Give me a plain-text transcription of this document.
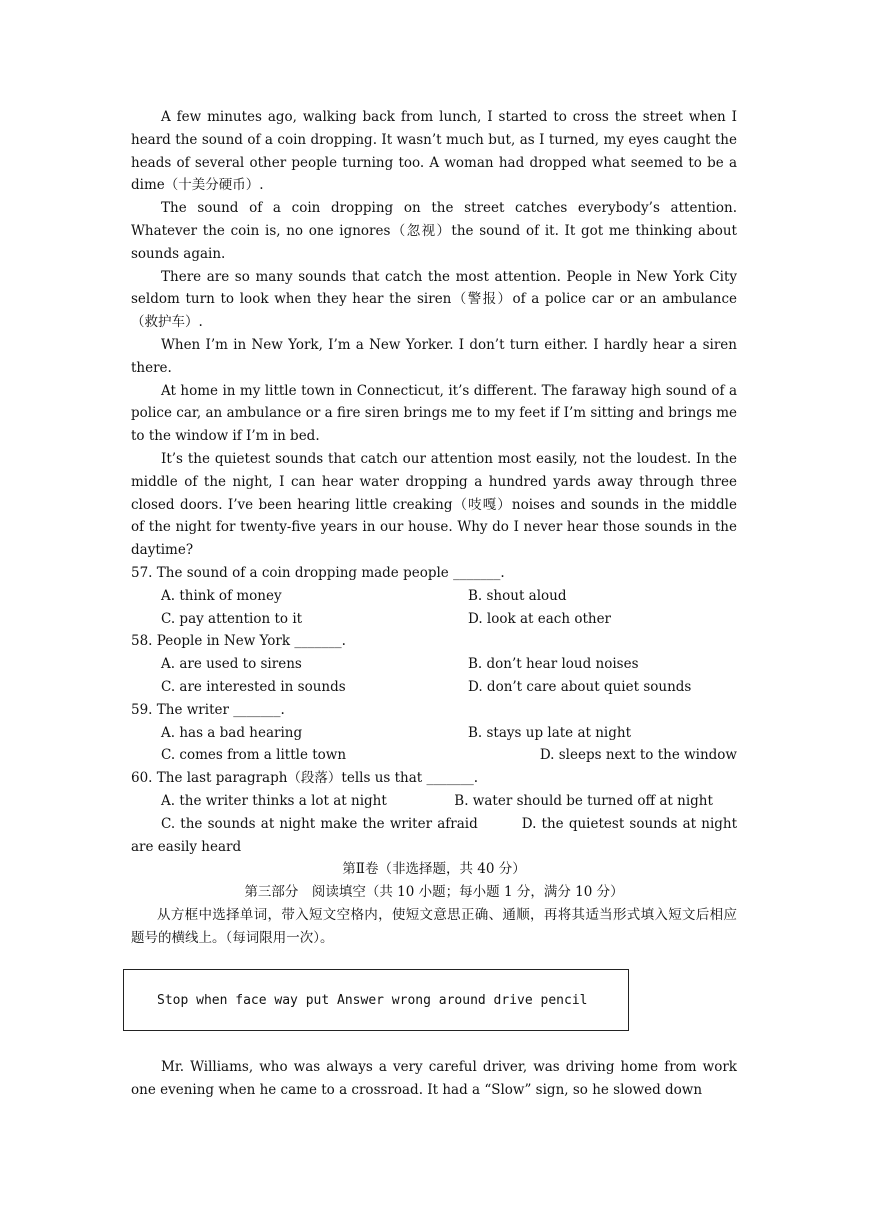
A few minutes ago, walking back from lunch, I started to cross the street when I heard the sound of a coin dropping. It wasn’t much but, as I turned, my eyes caught the heads of several other people turning too. A woman had dropped what seemed to be a dime（十美分硬币）.

The sound of a coin dropping on the street catches everybody’s attention. Whatever the coin is, no one ignores（忽视）the sound of it. It got me thinking about sounds again.

There are so many sounds that catch the most attention. People in New York City seldom turn to look when they hear the siren（警报）of a police car or an ambulance（救护车）.

When I’m in New York, I’m a New Yorker. I don’t turn either. I hardly hear a siren there.

At home in my little town in Connecticut, it’s different. The faraway high sound of a police car, an ambulance or a fire siren brings me to my feet if I’m sitting and brings me to the window if I’m in bed.

It’s the quietest sounds that catch our attention most easily, not the loudest. In the middle of the night, I can hear water dropping a hundred yards away through three closed doors. I’ve been hearing little creaking（吱嘎）noises and sounds in the middle of the night for twenty-five years in our house. Why do I never hear those sounds in the daytime?

57. The sound of a coin dropping made people _______.

A. think of money	B. shout aloud
C. pay attention to it	D. look at each other

58. People in New York _______.

A. are used to sirens	B. don’t hear loud noises
C. are interested in sounds	D. don’t care about quiet sounds

59. The writer _______.

A. has a bad hearing	B. stays up late at night
C. comes from a little town	D. sleeps next to the window

60. The last paragraph（段落）tells us that _______.

A. the writer thinks a lot at night　　　　　	B. water should be turned off at night

C. the sounds at night make the writer afraid　　　	D. the quietest sounds at night are easily heard

第Ⅱ卷（非选择题，共 40 分）
第三部分　阅读填空（共 10 小题；每小题 1 分，满分 10 分）

从方框中选择单词，带入短文空格内，使短文意思正确、通顺，再将其适当形式填入短文后相应题号的横线上。（每词限用一次）。

Stop when face way put Answer wrong around drive pencil

Mr. Williams, who was always a very careful driver, was driving home from work one evening when he came to a crossroad. It had a “Slow” sign, so he slowed down
